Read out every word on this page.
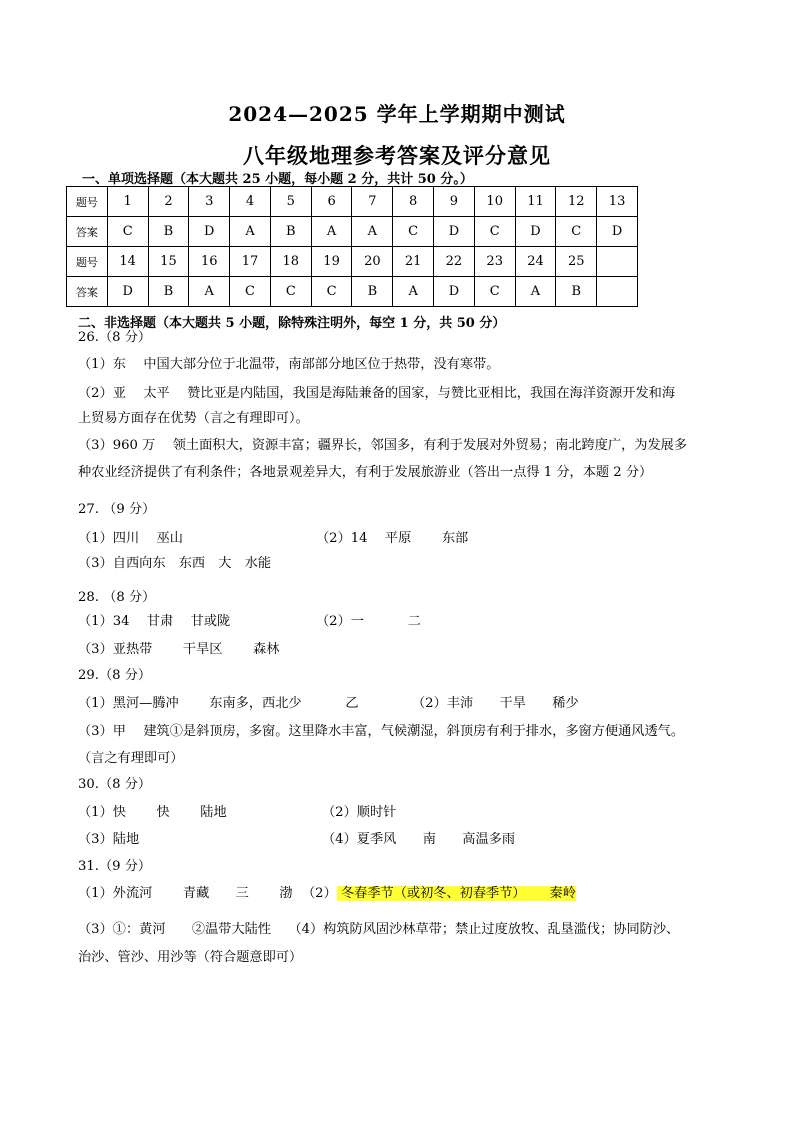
2024—2025 学年上学期期中测试
八年级地理参考答案及评分意见
一、单项选择题（本大题共 25 小题，每小题 2 分，共计 50 分。）
题号	1	2	3	4	5	6	7	8	9	10	11	12	13
答案	C	B	D	A	B	A	A	C	D	C	D	C	D
题号	14	15	16	17	18	19	20	21	22	23	24	25	
答案	D	B	A	C	C	C	B	A	D	C	A	B	
二、非选择题（本大题共 5 小题，除特殊注明外，每空 1 分，共 50 分）
26.（8 分）
（1）东　 中国大部分位于北温带，南部部分地区位于热带，没有寒带。
（2）亚　 太平　 赞比亚是内陆国，我国是海陆兼备的国家，与赞比亚相比，我国在海洋资源开发和海
上贸易方面存在优势（言之有理即可）。
（3）960 万　 领土面积大，资源丰富；疆界长，邻国多，有利于发展对外贸易；南北跨度广，为发展多
种农业经济提供了有利条件；各地景观差异大，有利于发展旅游业（答出一点得 1 分，本题 2 分）
27. （9 分）
（1）四川　 巫山	（2）14　 平原　　 东部
（3）自西向东　东西　大　水能
28. （8 分）
（1）34　 甘肃　 甘或陇	（2）一　　　 二
（3）亚热带　　 干旱区　　 森林
29.（8 分）
（1）黑河—腾冲　　 东南多，西北少　　　 乙	（2）丰沛　　干旱　　稀少
（3）甲　 建筑①是斜顶房，多窗。这里降水丰富，气候潮湿，斜顶房有利于排水，多窗方便通风透气。
（言之有理即可）
30.（8 分）
（1）快　　 快　　 陆地	（2）顺时针
（3）陆地	（4）夏季风　　南　　高温多雨
31.（9 分）
（1）外流河　　 青藏　　三　　 渤 （2） 冬春季节（或初冬、初春季节）　　 秦岭
（3）①：黄河　　②温带大陆性　 （4）构筑防风固沙林草带；禁止过度放牧、乱垦滥伐；协同防沙、
治沙、管沙、用沙等（符合题意即可）
